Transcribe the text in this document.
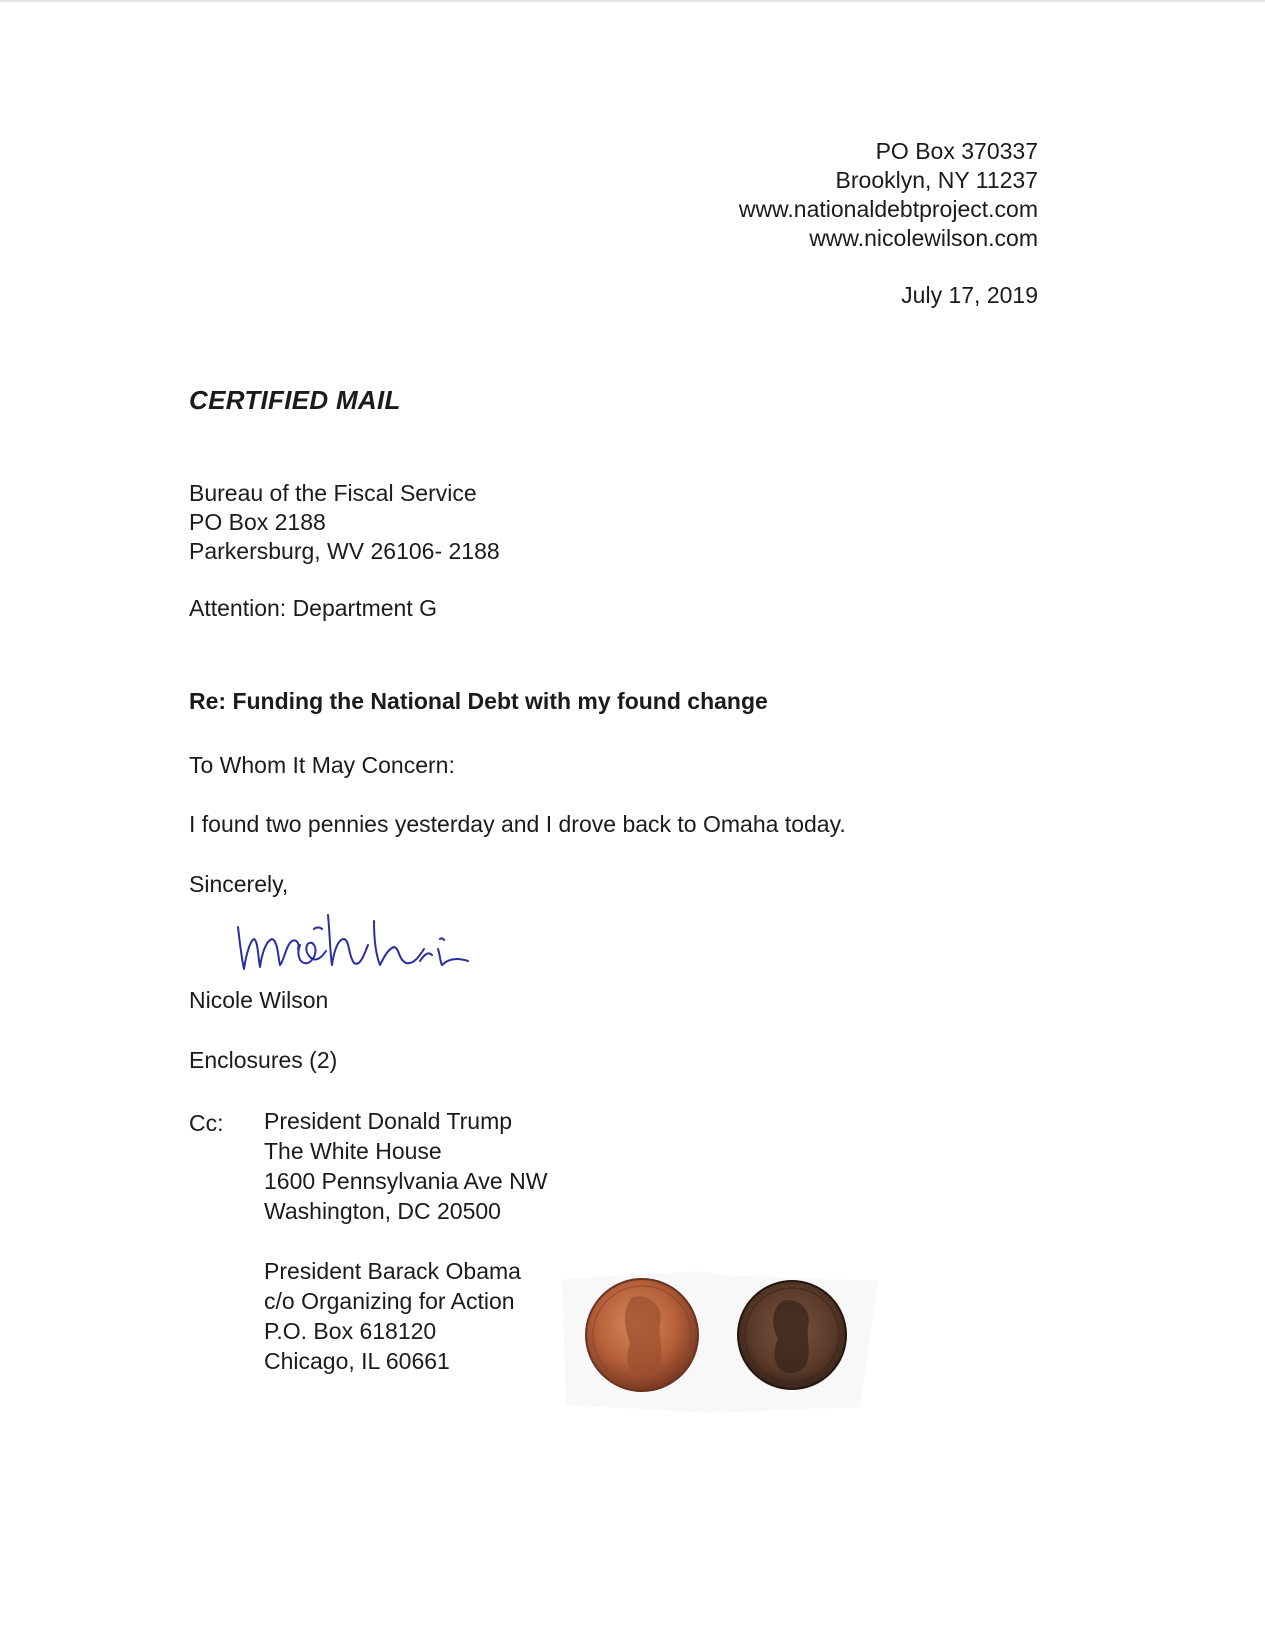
PO Box 370337
Brooklyn, NY 11237
www.nationaldebtproject.com
www.nicolewilson.com
July 17, 2019
CERTIFIED MAIL
Bureau of the Fiscal Service
PO Box 2188
Parkersburg, WV 26106- 2188
Attention: Department G
Re: Funding the National Debt with my found change
To Whom It May Concern:
I found two pennies yesterday and I drove back to Omaha today.
Sincerely,
Nicole Wilson
Enclosures (2)
Cc: President Donald Trump
The White House
1600 Pennsylvania Ave NW
Washington, DC 20500
President Barack Obama
c/o Organizing for Action
P.O. Box 618120
Chicago, IL 60661
